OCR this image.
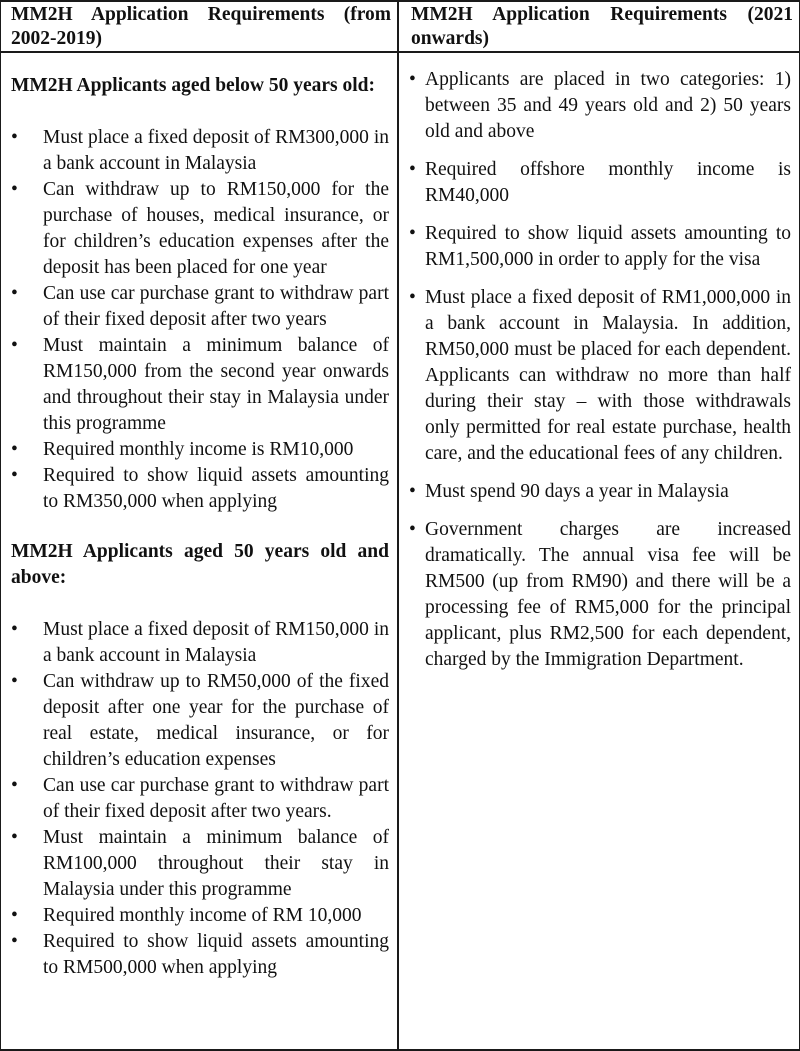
MM2H Application Requirements (from 2002-2019)
MM2H Application Requirements (2021 onwards)
MM2H Applicants aged below 50 years old:
• Must place a fixed deposit of RM300,000 in a bank account in Malaysia
• Can withdraw up to RM150,000 for the purchase of houses, medical insurance, or for children’s education expenses after the deposit has been placed for one year
• Can use car purchase grant to withdraw part of their fixed deposit after two years
• Must maintain a minimum balance of RM150,000 from the second year onwards and throughout their stay in Malaysia under this programme
• Required monthly income is RM10,000
• Required to show liquid assets amounting to RM350,000 when applying
MM2H Applicants aged 50 years old and above:
• Must place a fixed deposit of RM150,000 in a bank account in Malaysia
• Can withdraw up to RM50,000 of the fixed deposit after one year for the purchase of real estate, medical insurance, or for children’s education expenses
• Can use car purchase grant to withdraw part of their fixed deposit after two years.
• Must maintain a minimum balance of RM100,000 throughout their stay in Malaysia under this programme
• Required monthly income of RM 10,000
• Required to show liquid assets amounting to RM500,000 when applying
• Applicants are placed in two categories: 1) between 35 and 49 years old and 2) 50 years old and above
• Required offshore monthly income is RM40,000
• Required to show liquid assets amounting to RM1,500,000 in order to apply for the visa
• Must place a fixed deposit of RM1,000,000 in a bank account in Malaysia. In addition, RM50,000 must be placed for each dependent. Applicants can withdraw no more than half during their stay – with those withdrawals only permitted for real estate purchase, health care, and the educational fees of any children.
• Must spend 90 days a year in Malaysia
• Government charges are increased dramatically. The annual visa fee will be RM500 (up from RM90) and there will be a processing fee of RM5,000 for the principal applicant, plus RM2,500 for each dependent, charged by the Immigration Department.
